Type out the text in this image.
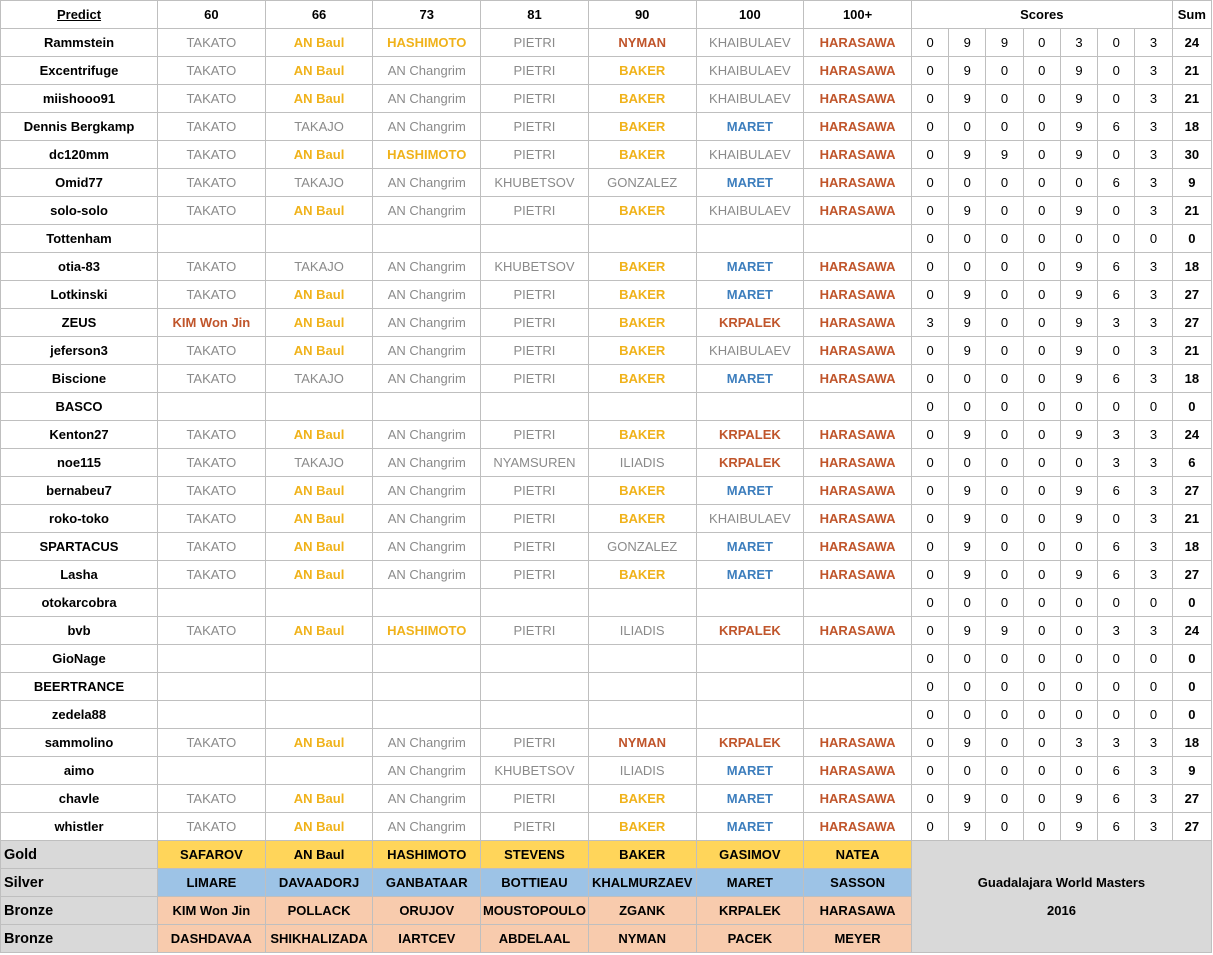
Predict	60	66	73	81	90	100	100+	Scores							Sum
Rammstein	TAKATO	AN Baul	HASHIMOTO	PIETRI	NYMAN	KHAIBULAEV	HARASAWA	0	9	9	0	3	0	3	24
Excentrifuge	TAKATO	AN Baul	AN Changrim	PIETRI	BAKER	KHAIBULAEV	HARASAWA	0	9	0	0	9	0	3	21
miishooo91	TAKATO	AN Baul	AN Changrim	PIETRI	BAKER	KHAIBULAEV	HARASAWA	0	9	0	0	9	0	3	21
Dennis Bergkamp	TAKATO	TAKAJO	AN Changrim	PIETRI	BAKER	MARET	HARASAWA	0	0	0	0	9	6	3	18
dc120mm	TAKATO	AN Baul	HASHIMOTO	PIETRI	BAKER	KHAIBULAEV	HARASAWA	0	9	9	0	9	0	3	30
Omid77	TAKATO	TAKAJO	AN Changrim	KHUBETSOV	GONZALEZ	MARET	HARASAWA	0	0	0	0	0	6	3	9
solo-solo	TAKATO	AN Baul	AN Changrim	PIETRI	BAKER	KHAIBULAEV	HARASAWA	0	9	0	0	9	0	3	21
Tottenham								0	0	0	0	0	0	0	0
otia-83	TAKATO	TAKAJO	AN Changrim	KHUBETSOV	BAKER	MARET	HARASAWA	0	0	0	0	9	6	3	18
Lotkinski	TAKATO	AN Baul	AN Changrim	PIETRI	BAKER	MARET	HARASAWA	0	9	0	0	9	6	3	27
ZEUS	KIM Won Jin	AN Baul	AN Changrim	PIETRI	BAKER	KRPALEK	HARASAWA	3	9	0	0	9	3	3	27
jeferson3	TAKATO	AN Baul	AN Changrim	PIETRI	BAKER	KHAIBULAEV	HARASAWA	0	9	0	0	9	0	3	21
Biscione	TAKATO	TAKAJO	AN Changrim	PIETRI	BAKER	MARET	HARASAWA	0	0	0	0	9	6	3	18
BASCO								0	0	0	0	0	0	0	0
Kenton27	TAKATO	AN Baul	AN Changrim	PIETRI	BAKER	KRPALEK	HARASAWA	0	9	0	0	9	3	3	24
noe115	TAKATO	TAKAJO	AN Changrim	NYAMSUREN	ILIADIS	KRPALEK	HARASAWA	0	0	0	0	0	3	3	6
bernabeu7	TAKATO	AN Baul	AN Changrim	PIETRI	BAKER	MARET	HARASAWA	0	9	0	0	9	6	3	27
roko-toko	TAKATO	AN Baul	AN Changrim	PIETRI	BAKER	KHAIBULAEV	HARASAWA	0	9	0	0	9	0	3	21
SPARTACUS	TAKATO	AN Baul	AN Changrim	PIETRI	GONZALEZ	MARET	HARASAWA	0	9	0	0	0	6	3	18
Lasha	TAKATO	AN Baul	AN Changrim	PIETRI	BAKER	MARET	HARASAWA	0	9	0	0	9	6	3	27
otokarcobra								0	0	0	0	0	0	0	0
bvb	TAKATO	AN Baul	HASHIMOTO	PIETRI	ILIADIS	KRPALEK	HARASAWA	0	9	9	0	0	3	3	24
GioNage								0	0	0	0	0	0	0	0
BEERTRANCE								0	0	0	0	0	0	0	0
zedela88								0	0	0	0	0	0	0	0
sammolino	TAKATO	AN Baul	AN Changrim	PIETRI	NYMAN	KRPALEK	HARASAWA	0	9	0	0	3	3	3	18
aimo			AN Changrim	KHUBETSOV	ILIADIS	MARET	HARASAWA	0	0	0	0	0	6	3	9
chavle	TAKATO	AN Baul	AN Changrim	PIETRI	BAKER	MARET	HARASAWA	0	9	0	0	9	6	3	27
whistler	TAKATO	AN Baul	AN Changrim	PIETRI	BAKER	MARET	HARASAWA	0	9	0	0	9	6	3	27
Gold	SAFAROV	AN Baul	HASHIMOTO	STEVENS	BAKER	GASIMOV	NATEA	Guadalajara World Masters
2016							

Silver	LIMARE	DAVAADORJ	GANBATAAR	BOTTIEAU	KHALMURZAEV	MARET	SASSON								
Bronze	KIM Won Jin	POLLACK	ORUJOV	MOUSTOPOULO	ZGANK	KRPALEK	HARASAWA								
Bronze	DASHDAVAA	SHIKHALIZADA	IARTCEV	ABDELAAL	NYMAN	PACEK	MEYER								
